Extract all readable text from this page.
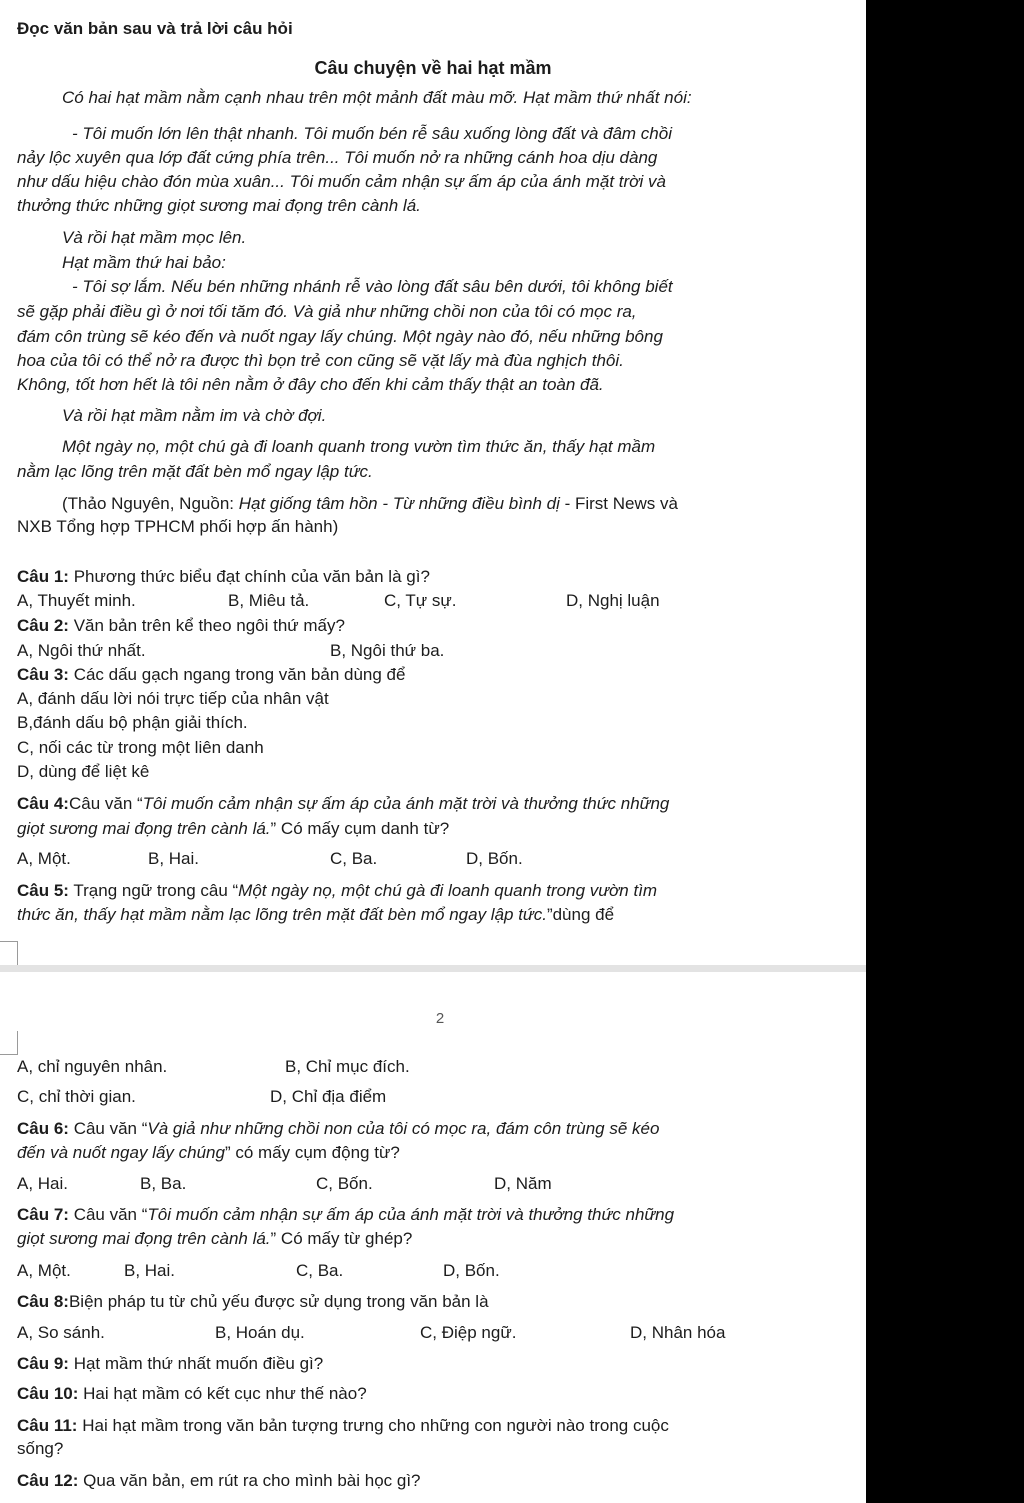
Đọc văn bản sau và trả lời câu hỏi
Câu chuyện về hai hạt mầm
Có hai hạt mầm nằm cạnh nhau trên một mảnh đất màu mỡ. Hạt mầm thứ nhất nói:
- Tôi muốn lớn lên thật nhanh. Tôi muốn bén rễ sâu xuống lòng đất và đâm chồi
nảy lộc xuyên qua lớp đất cứng phía trên... Tôi muốn nở ra những cánh hoa dịu dàng
như dấu hiệu chào đón mùa xuân... Tôi muốn cảm nhận sự ấm áp của ánh mặt trời và
thưởng thức những giọt sương mai đọng trên cành lá.
Và rồi hạt mầm mọc lên.
Hạt mầm thứ hai bảo:
- Tôi sợ lắm. Nếu bén những nhánh rễ vào lòng đất sâu bên dưới, tôi không biết
sẽ gặp phải điều gì ở nơi tối tăm đó. Và giả như những chồi non của tôi có mọc ra,
đám côn trùng sẽ kéo đến và nuốt ngay lấy chúng. Một ngày nào đó, nếu những bông
hoa của tôi có thể nở ra được thì bọn trẻ con cũng sẽ vặt lấy mà đùa nghịch thôi.
Không, tốt hơn hết là tôi nên nằm ở đây cho đến khi cảm thấy thật an toàn đã.
Và rồi hạt mầm nằm im và chờ đợi.
Một ngày nọ, một chú gà đi loanh quanh trong vườn tìm thức ăn, thấy hạt mầm
nằm lạc lõng trên mặt đất bèn mổ ngay lập tức.
(Thảo Nguyên, Nguồn: Hạt giống tâm hồn - Từ những điều bình dị - First News và
NXB Tổng hợp TPHCM phối hợp ấn hành)
Câu 1: Phương thức biểu đạt chính của văn bản là gì?
A, Thuyết minh.	B, Miêu tả.	C, Tự sự.	D, Nghị luận
Câu 2: Văn bản trên kể theo ngôi thứ mấy?
A, Ngôi thứ nhất.	B, Ngôi thứ ba.
Câu 3: Các dấu gạch ngang trong văn bản dùng để
A, đánh dấu lời nói trực tiếp của nhân vật
B,đánh dấu bộ phận giải thích.
C, nối các từ trong một liên danh
D, dùng để liệt kê
Câu 4:Câu văn “Tôi muốn cảm nhận sự ấm áp của ánh mặt trời và thưởng thức những
giọt sương mai đọng trên cành lá.” Có mấy cụm danh từ?
A, Một.	B, Hai.	C, Ba.	D, Bốn.
Câu 5: Trạng ngữ trong câu “Một ngày nọ, một chú gà đi loanh quanh trong vườn tìm
thức ăn, thấy hạt mầm nằm lạc lõng trên mặt đất bèn mổ ngay lập tức.”dùng để
2
A, chỉ nguyên nhân.	B, Chỉ mục đích.
C, chỉ thời gian.	D, Chỉ địa điểm
Câu 6: Câu văn “Và giả như những chồi non của tôi có mọc ra, đám côn trùng sẽ kéo
đến và nuốt ngay lấy chúng” có mấy cụm động từ?
A, Hai.	B, Ba.	C, Bốn.	D, Năm
Câu 7: Câu văn “Tôi muốn cảm nhận sự ấm áp của ánh mặt trời và thưởng thức những
giọt sương mai đọng trên cành lá.” Có mấy từ ghép?
A, Một.	B, Hai.	C, Ba.	D, Bốn.
Câu 8:Biện pháp tu từ chủ yếu được sử dụng trong văn bản là
A, So sánh.	B, Hoán dụ.	C, Điệp ngữ.	D, Nhân hóa
Câu 9: Hạt mầm thứ nhất muốn điều gì?
Câu 10: Hai hạt mầm có kết cục như thế nào?
Câu 11: Hai hạt mầm trong văn bản tượng trưng cho những con người nào trong cuộc
sống?
Câu 12: Qua văn bản, em rút ra cho mình bài học gì?
